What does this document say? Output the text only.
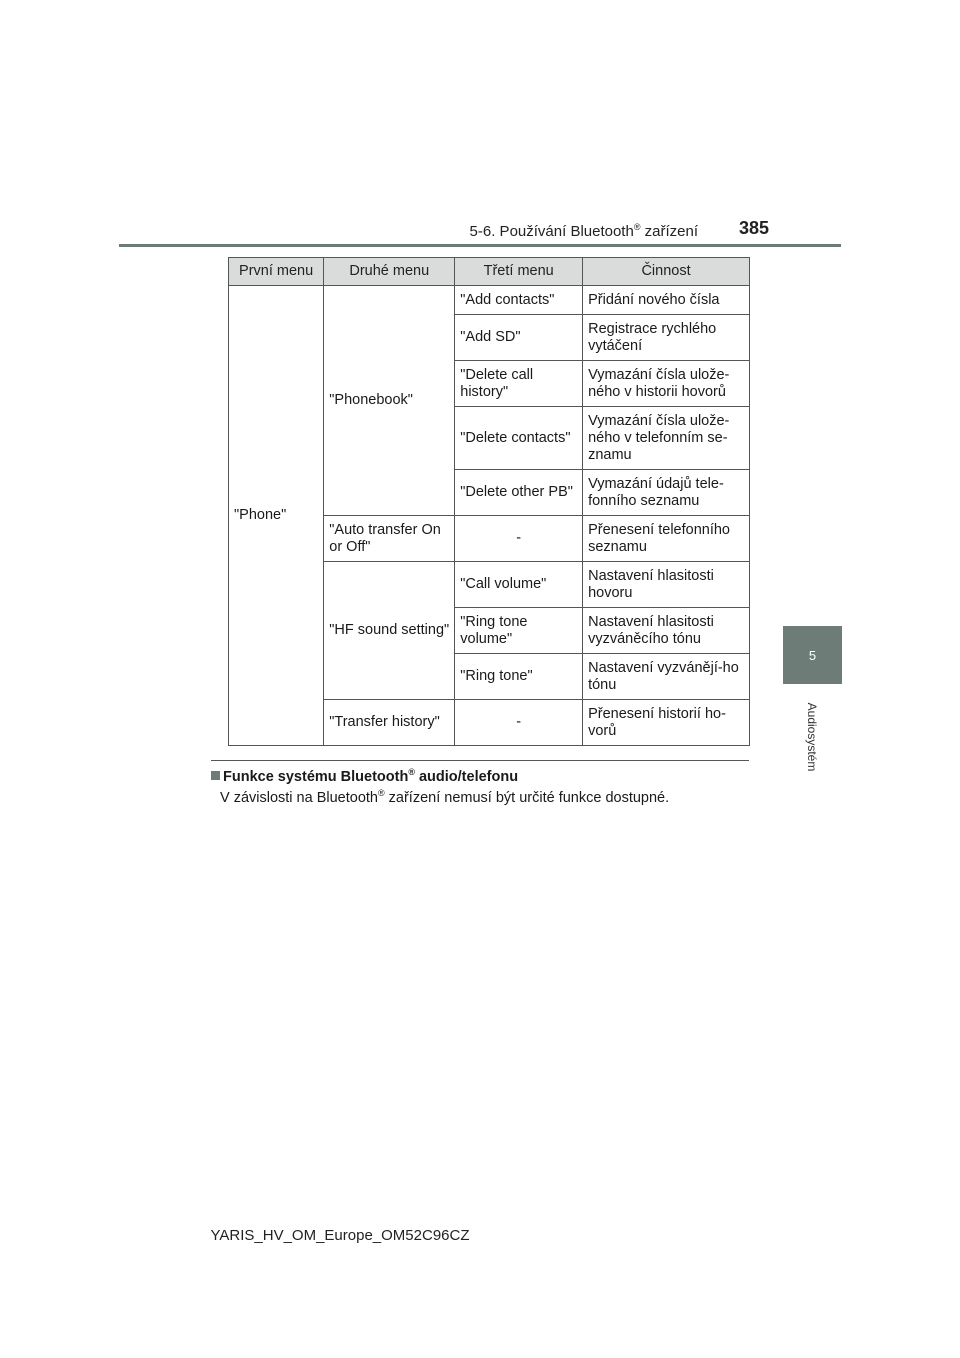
5-6. Používání Bluetooth® zařízení 385
5
Audiosystém
První menu	Druhé menu	Třetí menu	Činnost
"Phone"	"Phonebook"	"Add contacts"	Přidání nového čísla
		"Add SD"	Registrace rychlého vytáčení
		"Delete call history"	Vymazání čísla ulože-ného v historii hovorů
		"Delete contacts"	Vymazání čísla ulože-ného v telefonním se-znamu
		"Delete other PB"	Vymazání údajů tele-fonního seznamu
	"Auto transfer On or Off"	-	Přenesení telefonního seznamu
	"HF sound setting"	"Call volume"	Nastavení hlasitosti hovoru
		"Ring tone volume"	Nastavení hlasitosti vyzváněcího tónu
		"Ring tone"	Nastavení vyzvánějí-ho tónu
	"Transfer history"	-	Přenesení historií ho-vorů
Funkce systému Bluetooth® audio/telefonu
V závislosti na Bluetooth® zařízení nemusí být určité funkce dostupné.
YARIS_HV_OM_Europe_OM52C96CZ
